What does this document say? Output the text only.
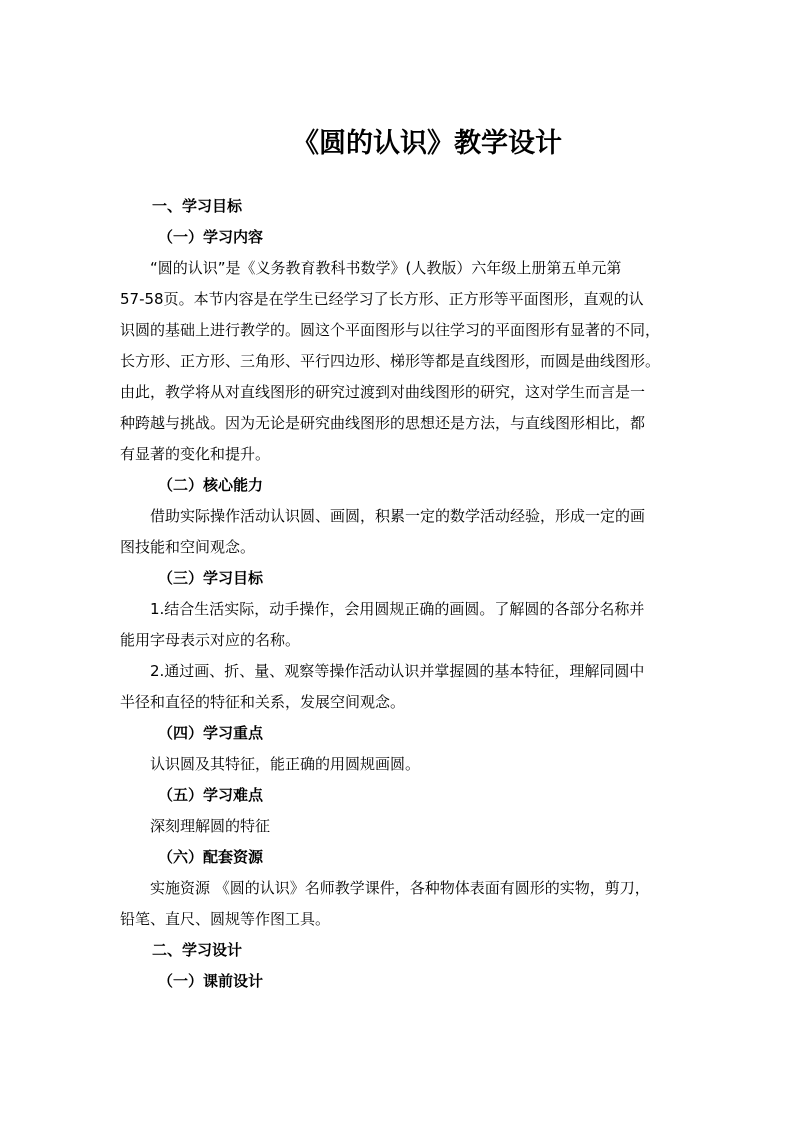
《圆的认识》教学设计
一、学习目标
（一）学习内容
“圆的认识”是《义务教育教科书数学》(人教版）六年级上册第五单元第
57-58页。本节内容是在学生已经学习了长方形、正方形等平面图形，直观的认
识圆的基础上进行教学的。圆这个平面图形与以往学习的平面图形有显著的不同，
长方形、正方形、三角形、平行四边形、梯形等都是直线图形，而圆是曲线图形。
由此，教学将从对直线图形的研究过渡到对曲线图形的研究，这对学生而言是一
种跨越与挑战。因为无论是研究曲线图形的思想还是方法，与直线图形相比，都
有显著的变化和提升。
（二）核心能力
借助实际操作活动认识圆、画圆，积累一定的数学活动经验，形成一定的画
图技能和空间观念。
（三）学习目标
1.结合生活实际，动手操作，会用圆规正确的画圆。了解圆的各部分名称并
能用字母表示对应的名称。
2.通过画、折、量、观察等操作活动认识并掌握圆的基本特征，理解同圆中
半径和直径的特征和关系，发展空间观念。
（四）学习重点
认识圆及其特征，能正确的用圆规画圆。
（五）学习难点
深刻理解圆的特征
（六）配套资源
实施资源 《圆的认识》名师教学课件，各种物体表面有圆形的实物，剪刀，
铅笔、直尺、圆规等作图工具。
二、学习设计
（一）课前设计
